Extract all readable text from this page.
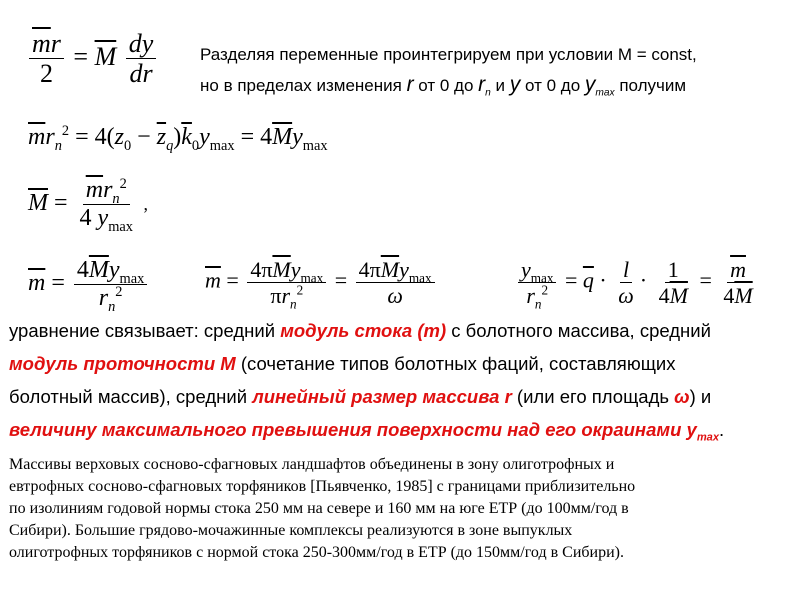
$\frac{\overline{m}r}{2} = \overline{M} \frac{dy}{dr}$	Разделяя переменные проинтегрируем при условии M = const,
но в пределах изменения r от 0 до $r_n$ и y от 0 до $y_{max}$ получим
$\overline{m}r_n^2 = 4(z_0 - \overline{z}_q)\overline{k}_0y_{max} = 4\overline{M}y_{max}$
$\overline{M} = \frac{\overline{m}r_n^2}{4 y_{max}}$ ,
$\overline{m} = \frac{4\overline{M}y_{max}}{r_n^2}$	$\overline{m} = \frac{4\pi\overline{M}y_{max}}{\pi r_n^2} = \frac{4\pi\overline{M}y_{max}}{\omega}$	$\frac{y_{max}}{r_n^2} = \overline{q} \cdot \frac{l}{\omega} \cdot \frac{1}{4\overline{M}} = \frac{\overline{m}}{4\overline{M}}$
уравнение связывает: средний модуль стока (m) с болотного массива, средний
модуль проточности M (сочетание типов болотных фаций, составляющих
болотный массив), средний линейный размер массива r (или его площадь ω) и
величину максимального превышения поверхности над его окраинами $y_{max}$.
Массивы верховых сосново-сфагновых ландшафтов объединены в зону олиготрофных и
евтрофных сосново-сфагновых торфяников [Пьявченко, 1985] с границами приблизительно
по изолиниям годовой нормы стока 250 мм на севере и 160 мм на юге ЕТР (до 100мм/год в
Сибири). Большие грядово-мочажинные комплексы реализуются в зоне выпуклых
олиготрофных торфяников с нормой стока 250-300мм/год в ЕТР (до 150мм/год в Сибири).
